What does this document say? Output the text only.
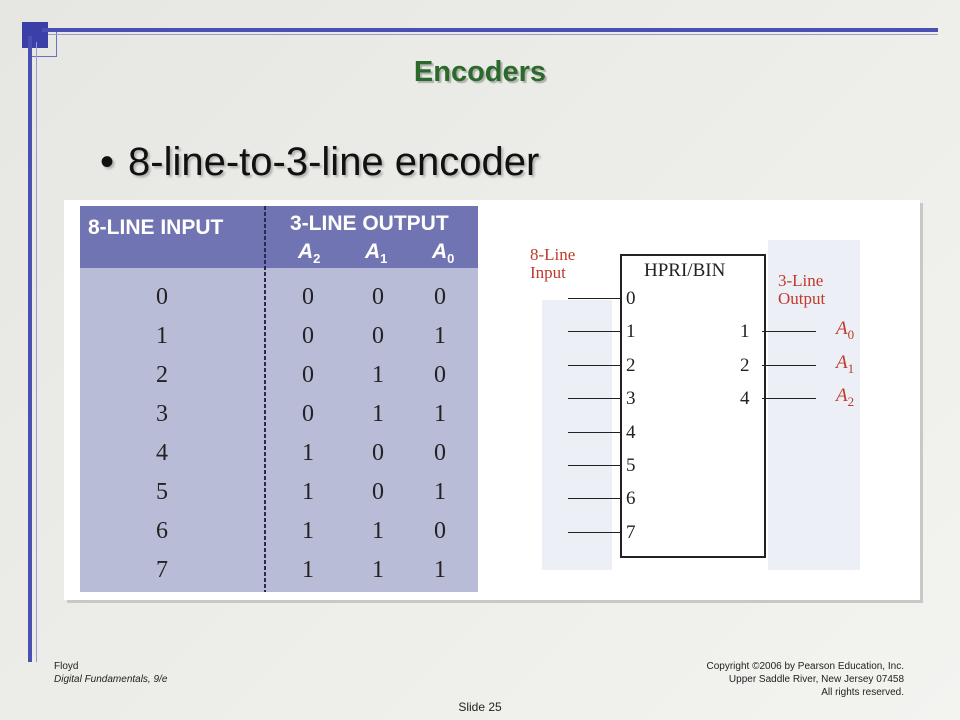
Encoders
• 8-line-to-3-line encoder
8-LINE INPUT	3-LINE OUTPUT
$A_2$ $A_1$ $A_0$
0	0 0 0
1	0 0 1
2	0 1 0
3	0 1 1
4	1 0 0
5	1 0 1
6	1 1 0
7	1 1 1
8-Line
Input	3-Line
Output
HPRI/BIN
0
1
2
3
4
5
6
7
1	$A_0$
2	$A_1$
4	$A_2$
Floyd
Digital Fundamentals, 9/e
Copyright ©2006 by Pearson Education, Inc.
Upper Saddle River, New Jersey 07458
All rights reserved.
Slide 25
